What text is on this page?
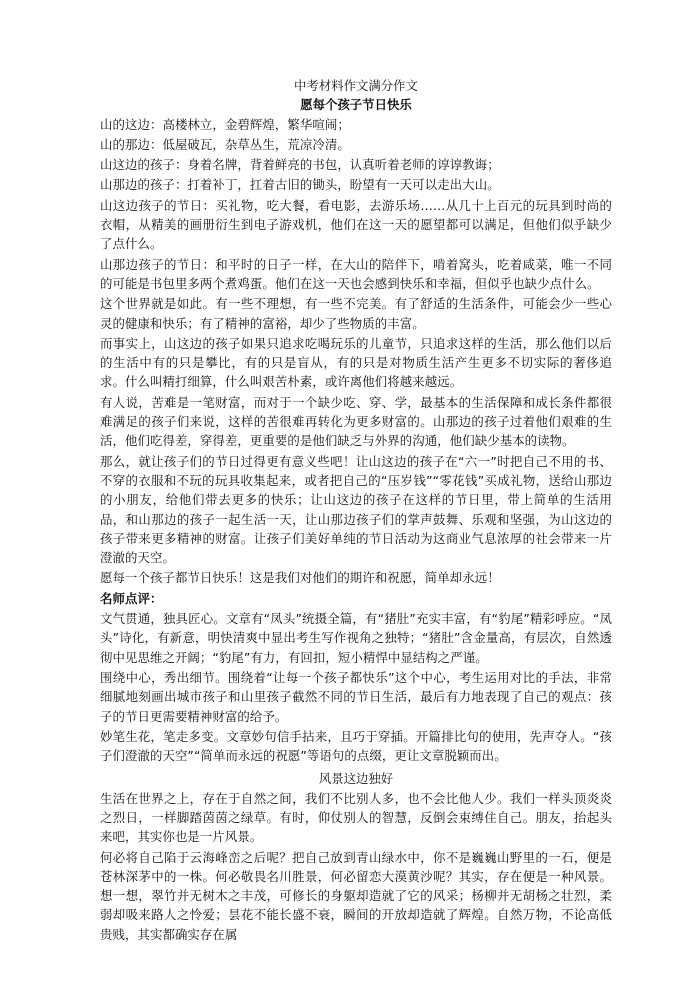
中考材料作文满分作文
愿每个孩子节日快乐

山的这边：高楼林立，金碧辉煌，繁华喧闹；

山的那边：低屋破瓦，杂草丛生，荒凉冷清。

山这边的孩子：身着名牌，背着鲜亮的书包，认真听着老师的谆谆教诲；

山那边的孩子：打着补丁，扛着古旧的锄头，盼望有一天可以走出大山。

山这边孩子的节日：买礼物，吃大餐，看电影，去游乐场……从几十上百元的玩具到时尚的衣帽，从精美的画册衍生到电子游戏机，他们在这一天的愿望都可以满足，但他们似乎缺少了点什么。

山那边孩子的节日：和平时的日子一样，在大山的陪伴下，啃着窝头，吃着咸菜，唯一不同的可能是书包里多两个煮鸡蛋。他们在这一天也会感到快乐和幸福，但似乎也缺少点什么。

这个世界就是如此。有一些不理想，有一些不完美。有了舒适的生活条件，可能会少一些心灵的健康和快乐；有了精神的富裕，却少了些物质的丰富。

而事实上，山这边的孩子如果只追求吃喝玩乐的儿童节，只追求这样的生活，那么他们以后的生活中有的只是攀比，有的只是盲从，有的只是对物质生活产生更多不切实际的奢侈追求。什么叫精打细算，什么叫艰苦朴素，或许离他们将越来越远。

有人说，苦难是一笔财富，而对于一个缺少吃、穿、学，最基本的生活保障和成长条件都很难满足的孩子们来说，这样的苦很难再转化为更多财富的。山那边的孩子过着他们艰难的生活，他们吃得差，穿得差，更重要的是他们缺乏与外界的沟通，他们缺少基本的读物。

那么，就让孩子们的节日过得更有意义些吧！让山这边的孩子在“六一”时把自己不用的书、不穿的衣服和不玩的玩具收集起来，或者把自己的“压岁钱”“零花钱”买成礼物，送给山那边的小朋友，给他们带去更多的快乐；让山这边的孩子在这样的节日里，带上简单的生活用品，和山那边的孩子一起生活一天，让山那边孩子们的掌声鼓舞、乐观和坚强，为山这边的孩子带来更多精神的财富。让孩子们美好单纯的节日活动为这商业气息浓厚的社会带来一片澄澈的天空。

愿每一个孩子都节日快乐！这是我们对他们的期许和祝愿，简单却永远！

名师点评：

文气贯通，独具匠心。文章有“凤头”统摄全篇，有“猪肚”充实丰富，有“豹尾”精彩呼应。“凤头”诗化，有新意，明快清爽中显出考生写作视角之独特；“猪肚”含金量高，有层次，自然透彻中见思维之开阔；“豹尾”有力，有回扣，短小精悍中显结构之严谨。

围绕中心，秀出细节。围绕着“让每一个孩子都快乐”这个中心，考生运用对比的手法，非常细腻地刻画出城市孩子和山里孩子截然不同的节日生活，最后有力地表现了自己的观点：孩子的节日更需要精神财富的给予。

妙笔生花，笔走多变。文章妙句信手拈来，且巧于穿插。开篇排比句的使用，先声夺人。“孩子们澄澈的天空”“简单而永远的祝愿”等语句的点缀，更让文章脱颖而出。

风景这边独好

生活在世界之上，存在于自然之间，我们不比别人多，也不会比他人少。我们一样头顶炎炎之烈日，一样脚踏茵茵之绿草。有时，仰仗别人的智慧，反倒会束缚住自己。朋友，抬起头来吧，其实你也是一片风景。

何必将自己陷于云海峰峦之后呢？把自己放到青山绿水中，你不是巍巍山野里的一石，便是苍林深茅中的一株。何必敬畏名川胜景，何必留恋大漠黄沙呢？其实，存在便是一种风景。想一想，翠竹并无树木之丰茂，可修长的身躯却造就了它的风采；杨柳并无胡杨之壮烈，柔弱却吸来路人之怜爱；昙花不能长盛不衰，瞬间的开放却造就了辉煌。自然万物，不论高低贵贱，其实都确实存在属
